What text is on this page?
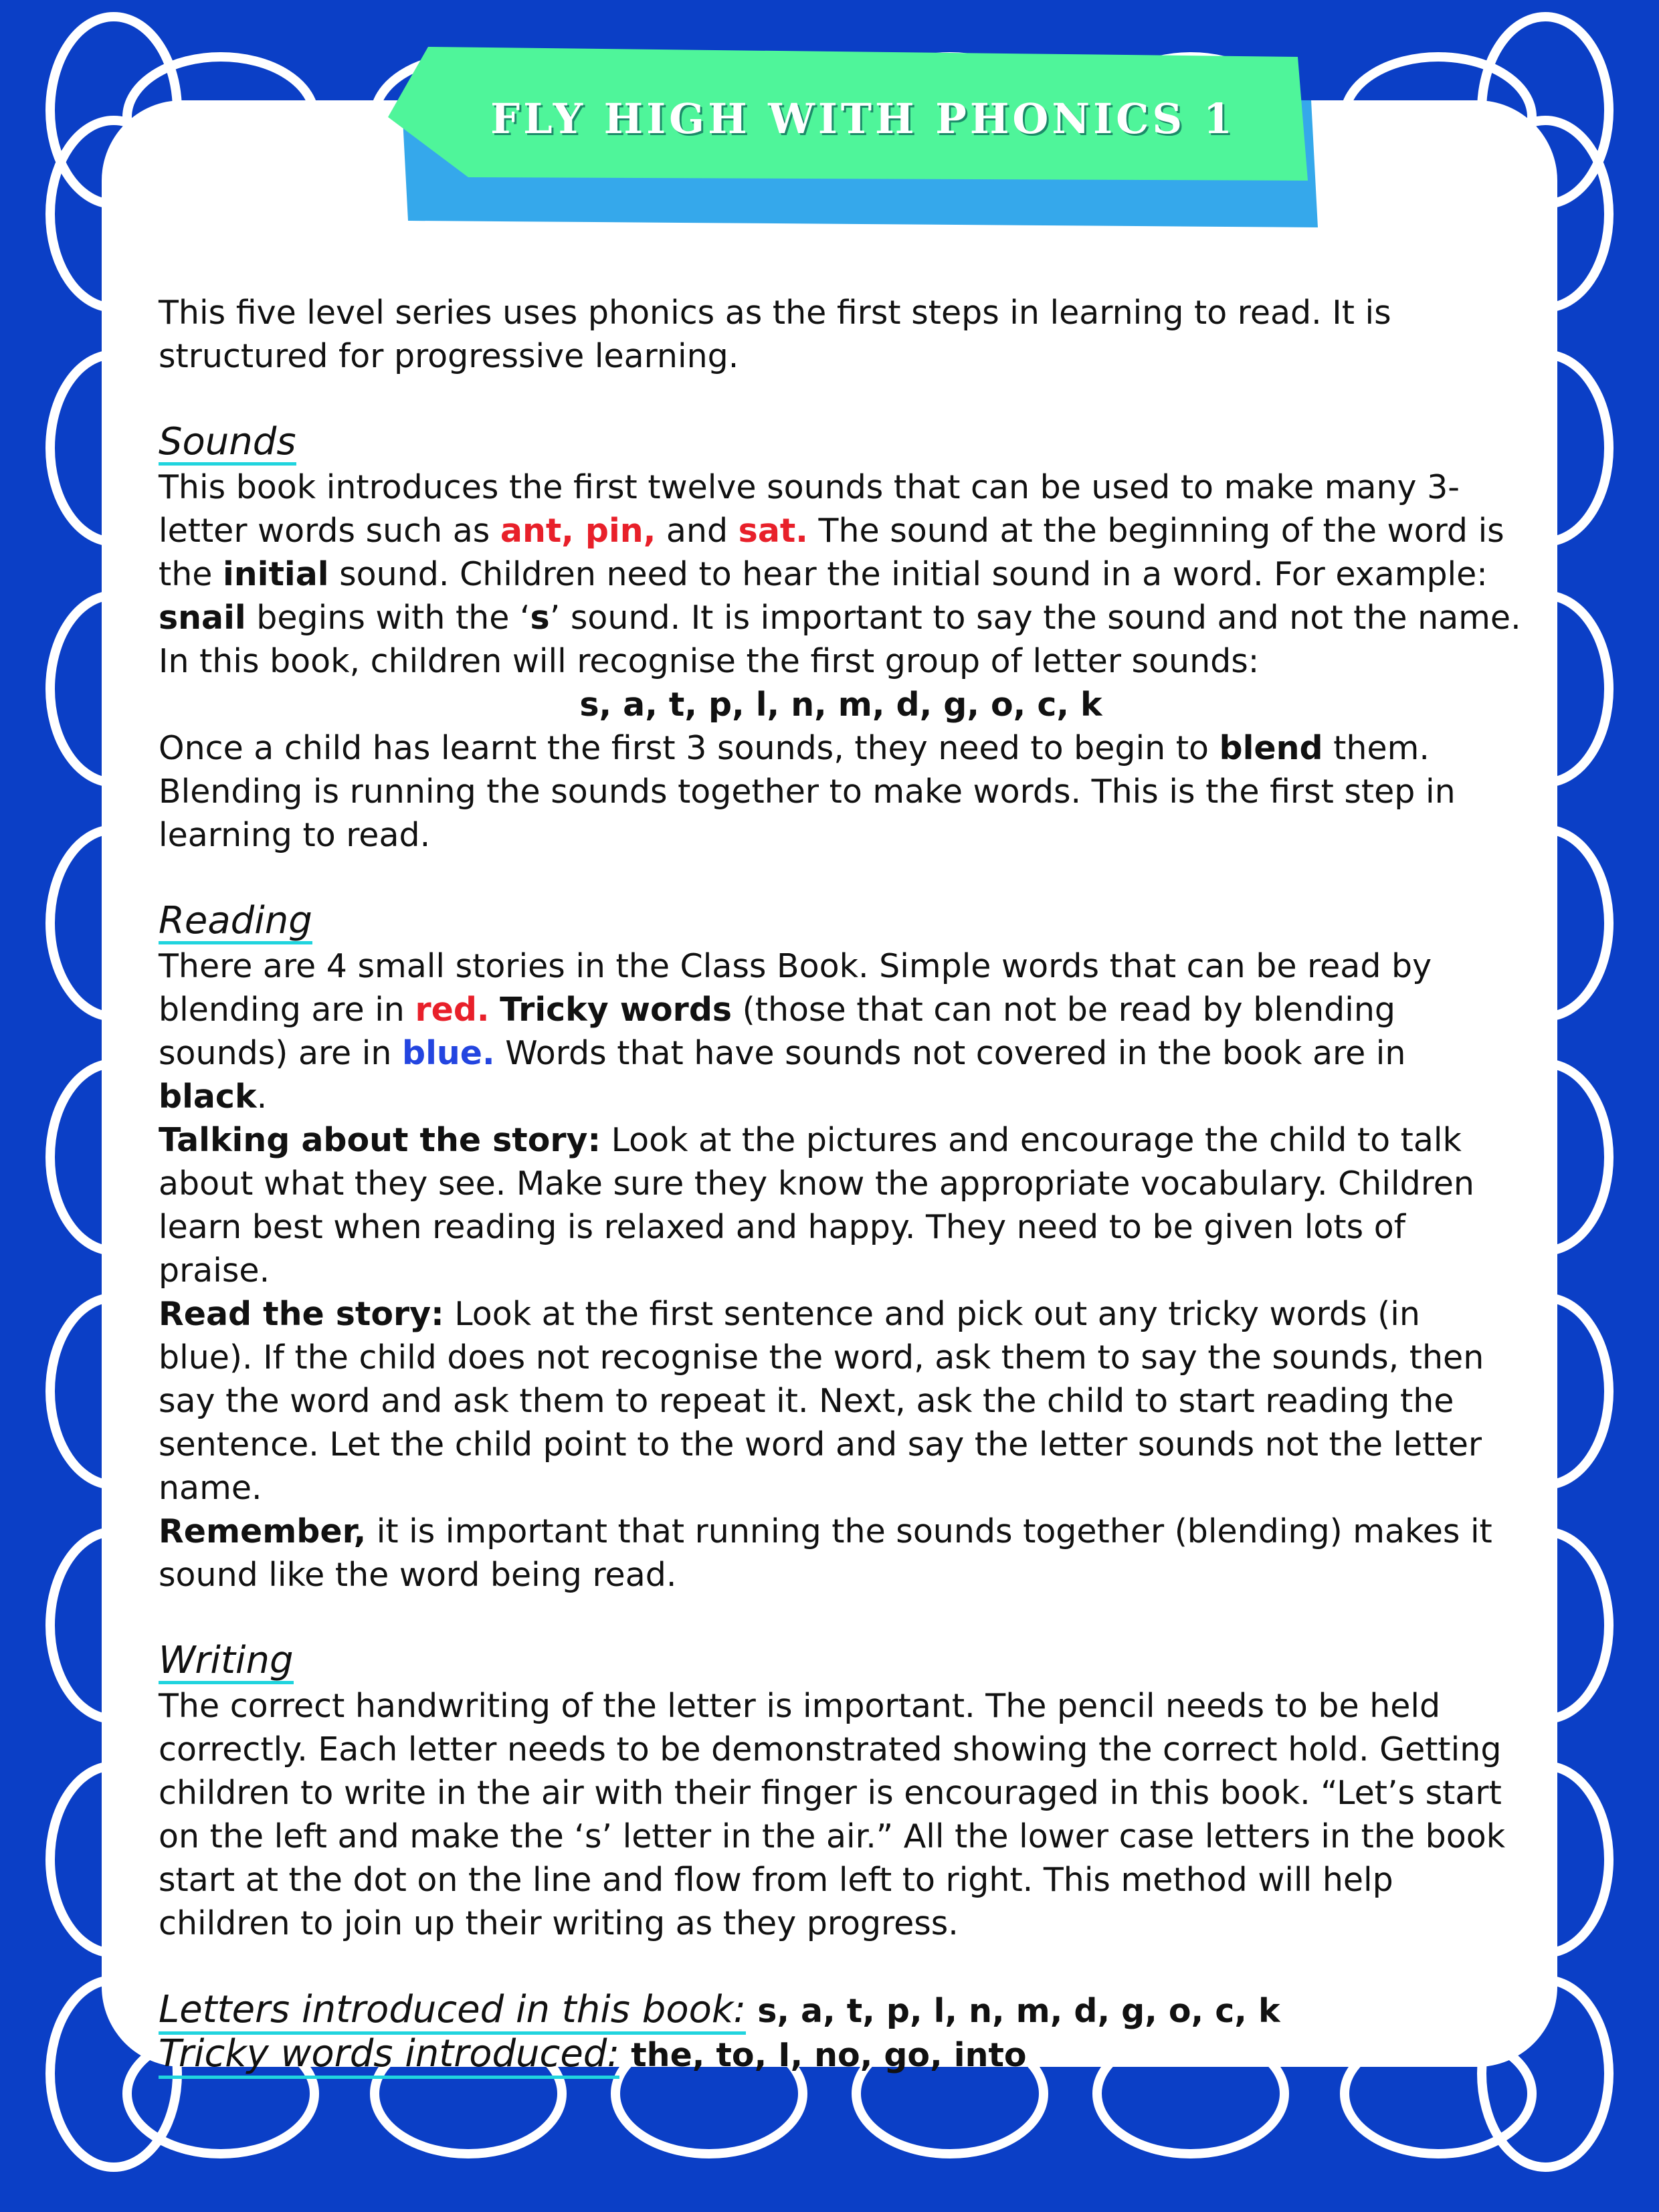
FLY HIGH WITH PHONICS 1

This five level series uses phonics as the first steps in learning to read. It is structured for progressive learning.

Sounds

This book introduces the first twelve sounds that can be used to make many 3-letter words such as ant, pin, and sat. The sound at the beginning of the word is the initial sound. Children need to hear the initial sound in a word. For example: snail begins with the ‘s’ sound. It is important to say the sound and not the name. In this book, children will recognise the first group of letter sounds:

s, a, t, p, l, n, m, d, g, o, c, k

Once a child has learnt the first 3 sounds, they need to begin to blend them. Blending is running the sounds together to make words. This is the first step in learning to read.

Reading

There are 4 small stories in the Class Book. Simple words that can be read by blending are in red. Tricky words (those that can not be read by blending sounds) are in blue. Words that have sounds not covered in the book are in black.

Talking about the story: Look at the pictures and encourage the child to talk about what they see. Make sure they know the appropriate vocabulary. Children learn best when reading is relaxed and happy. They need to be given lots of praise.

Read the story: Look at the first sentence and pick out any tricky words (in blue). If the child does not recognise the word, ask them to say the sounds, then say the word and ask them to repeat it. Next, ask the child to start reading the sentence. Let the child point to the word and say the letter sounds not the letter name.

Remember, it is important that running the sounds together (blending) makes it sound like the word being read.

Writing

The correct handwriting of the letter is important. The pencil needs to be held correctly. Each letter needs to be demonstrated showing the correct hold. Getting children to write in the air with their finger is encouraged in this book. “Let’s start on the left and make the ‘s’ letter in the air.” All the lower case letters in the book start at the dot on the line and flow from left to right. This method will help children to join up their writing as they progress.

Letters introduced in this book: s, a, t, p, l, n, m, d, g, o, c, k

Tricky words introduced: the, to, I, no, go, into
